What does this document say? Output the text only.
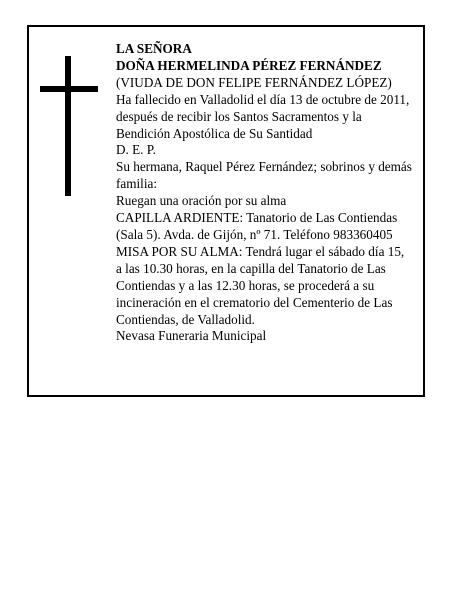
LA SEÑORA
DOÑA HERMELINDA PÉREZ FERNÁNDEZ
(VIUDA DE DON FELIPE FERNÁNDEZ LÓPEZ)
Ha fallecido en Valladolid el día 13 de octubre de 2011,
después de recibir los Santos Sacramentos y la
Bendición Apostólica de Su Santidad
D. E. P.
Su hermana, Raquel Pérez Fernández; sobrinos y demás
familia:
Ruegan una oración por su alma
CAPILLA ARDIENTE: Tanatorio de Las Contiendas
(Sala 5). Avda. de Gijón, nº 71. Teléfono 983360405
MISA POR SU ALMA: Tendrá lugar el sábado día 15,
a las 10.30 horas, en la capilla del Tanatorio de Las
Contiendas y a las 12.30 horas, se procederá a su
incineración en el crematorio del Cementerio de Las
Contiendas, de Valladolid.
Nevasa Funeraria Municipal
